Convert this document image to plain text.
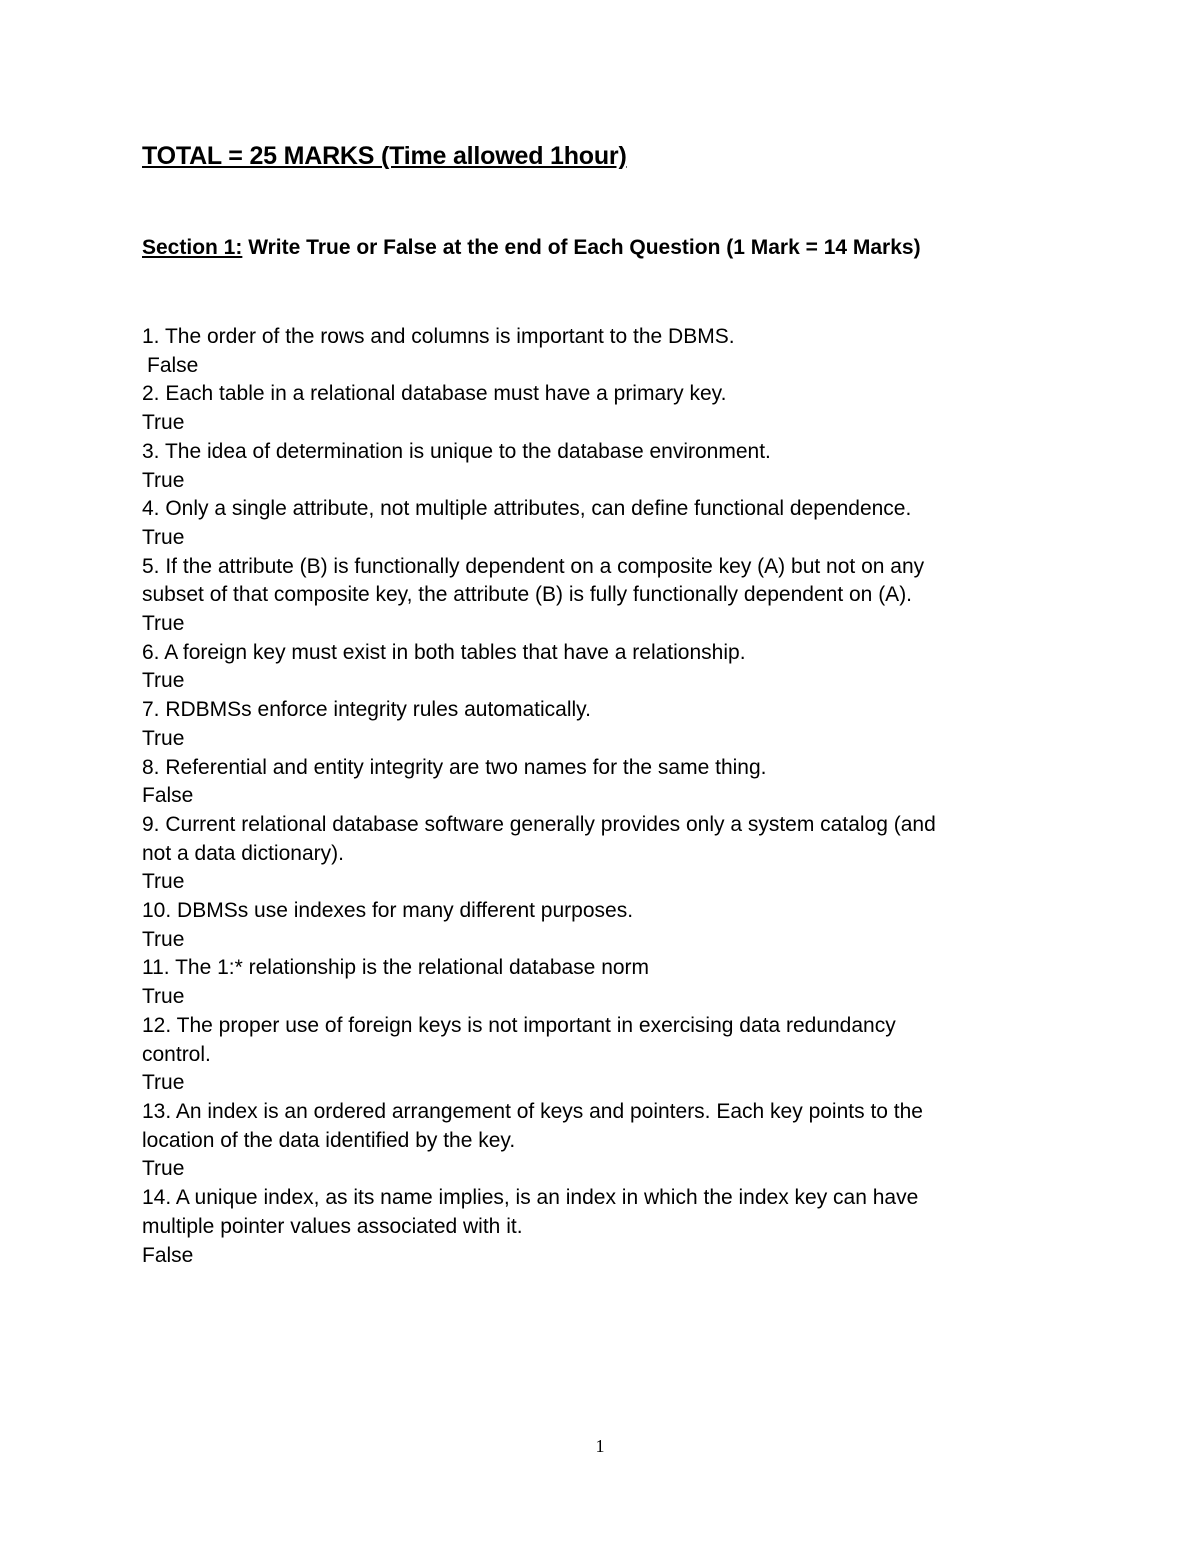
TOTAL = 25 MARKS (Time allowed 1hour)
Section 1: Write True or False at the end of Each Question (1 Mark = 14 Marks)
1. The order of the rows and columns is important to the DBMS.
False
2. Each table in a relational database must have a primary key.
True
3. The idea of determination is unique to the database environment.
True
4. Only a single attribute, not multiple attributes, can define functional dependence.
True
5. If the attribute (B) is functionally dependent on a composite key (A) but not on any
subset of that composite key, the attribute (B) is fully functionally dependent on (A).
True
6. A foreign key must exist in both tables that have a relationship.
True
7. RDBMSs enforce integrity rules automatically.
True
8. Referential and entity integrity are two names for the same thing.
False
9. Current relational database software generally provides only a system catalog (and
not a data dictionary).
True
10. DBMSs use indexes for many different purposes.
True
11. The 1:* relationship is the relational database norm
True
12. The proper use of foreign keys is not important in exercising data redundancy
control.
True
13. An index is an ordered arrangement of keys and pointers. Each key points to the
location of the data identified by the key.
True
14. A unique index, as its name implies, is an index in which the index key can have
multiple pointer values associated with it.
False
1
